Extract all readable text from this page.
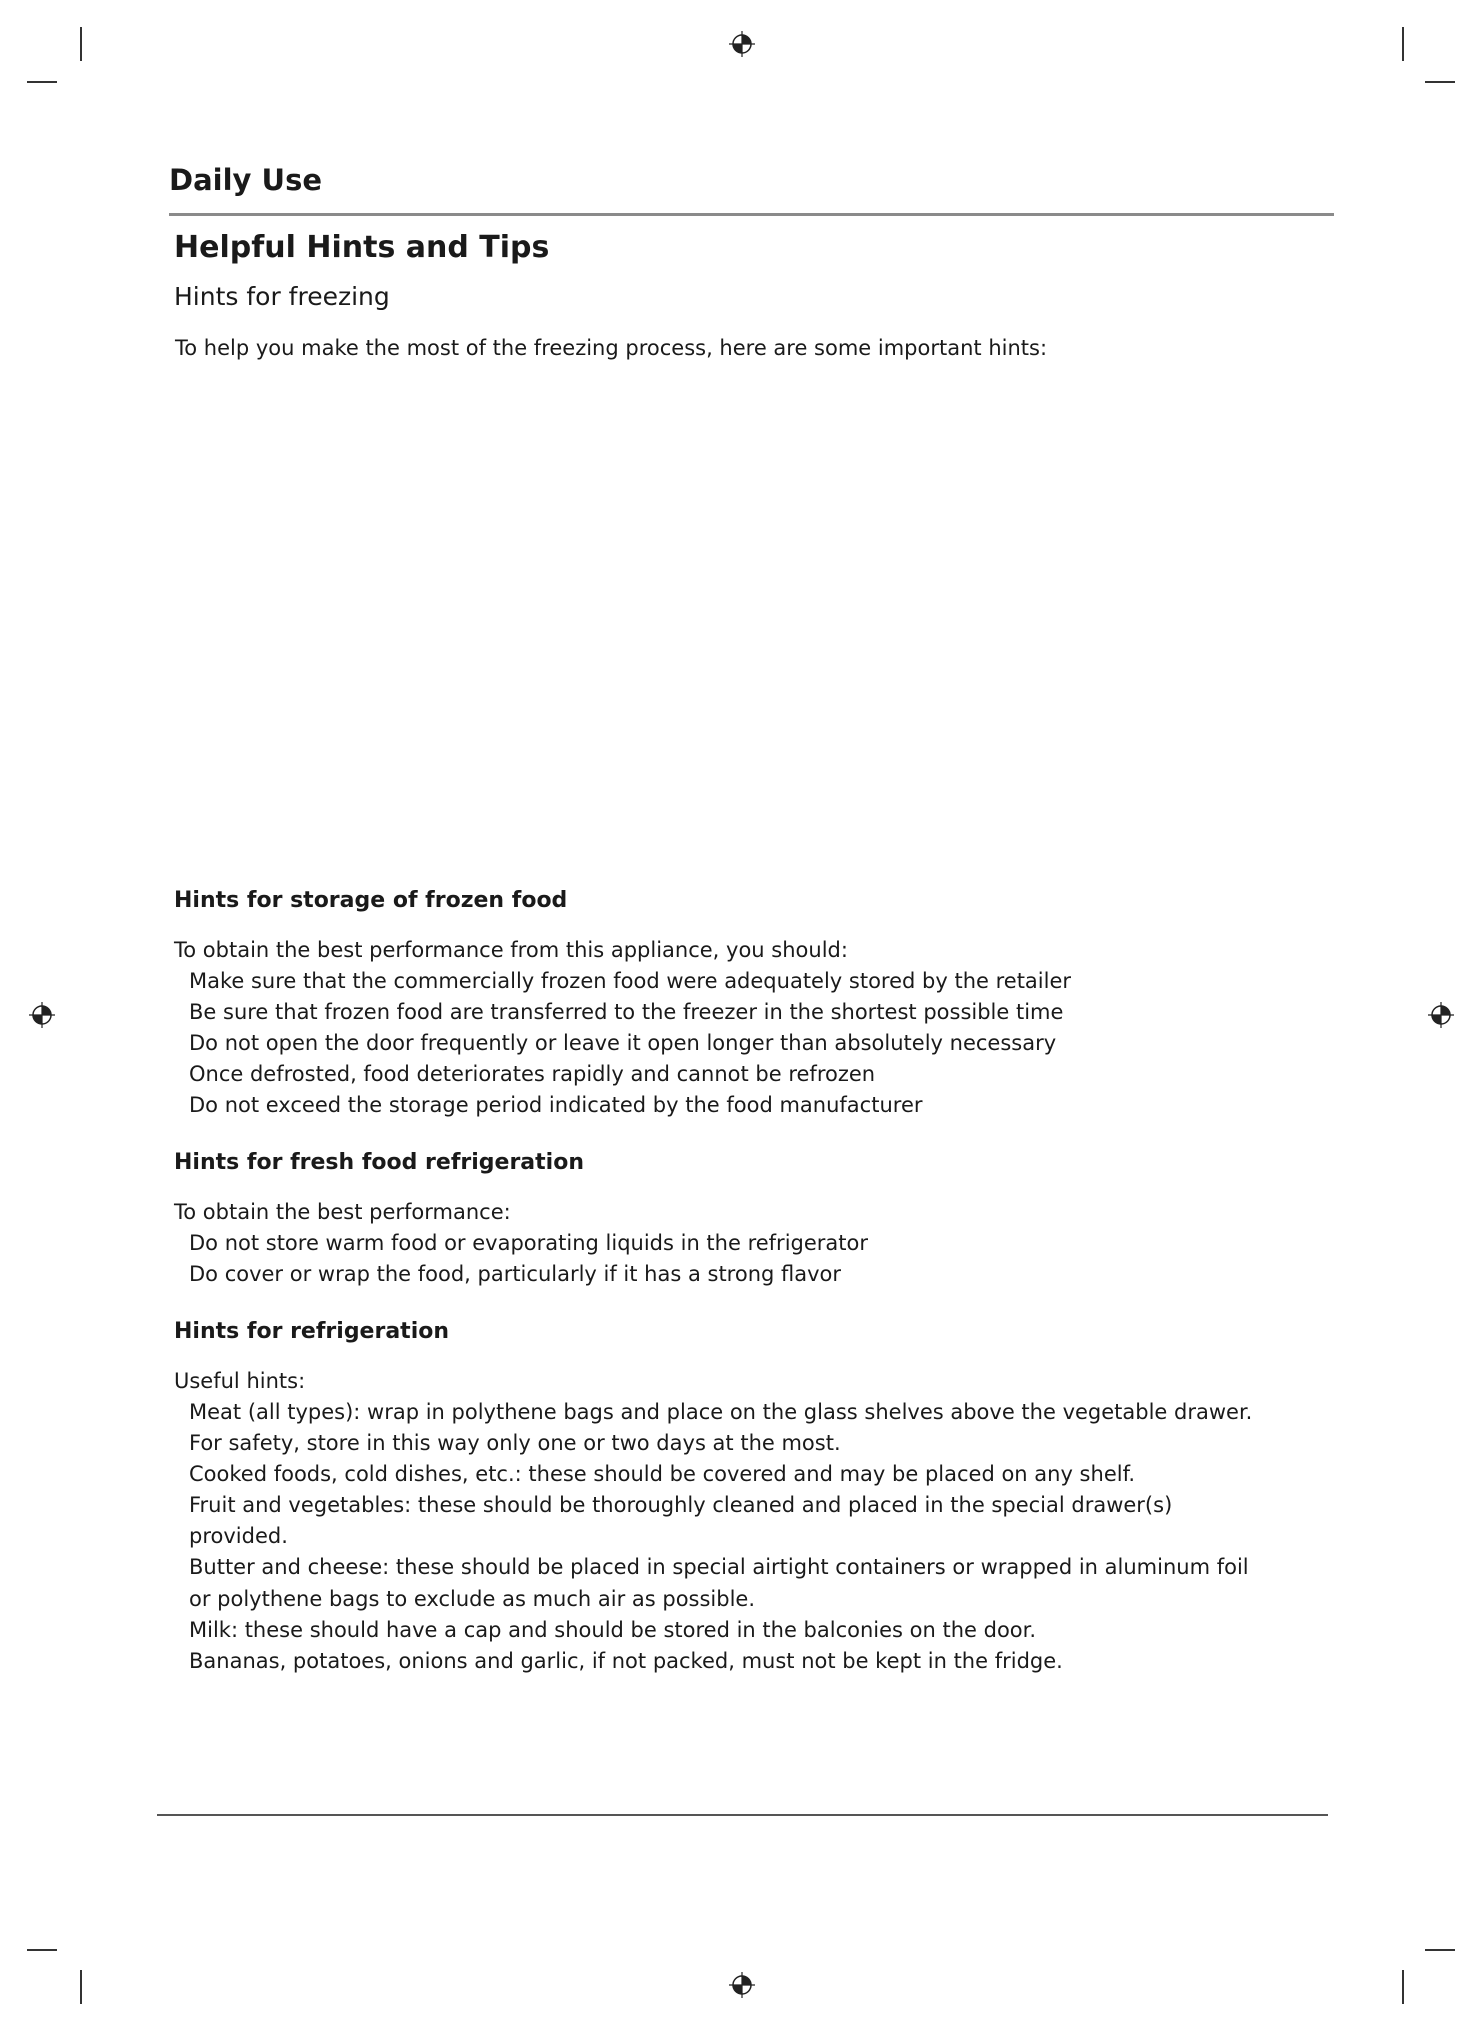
Daily Use
Helpful Hints and Tips
Hints for freezing

To help you make the most of the freezing process, here are some important hints:

Hints for storage of frozen food

To obtain the best performance from this appliance, you should:

Make sure that the commercially frozen food were adequately stored by the retailer
Be sure that frozen food are transferred to the freezer in the shortest possible time
Do not open the door frequently or leave it open longer than absolutely necessary
Once defrosted, food deteriorates rapidly and cannot be refrozen
Do not exceed the storage period indicated by the food manufacturer
Hints for fresh food refrigeration

To obtain the best performance:

Do not store warm food or evaporating liquids in the refrigerator
Do cover or wrap the food, particularly if it has a strong flavor
Hints for refrigeration

Useful hints:

Meat (all types): wrap in polythene bags and place on the glass shelves above the vegetable drawer. For safety, store in this way only one or two days at the most.
Cooked foods, cold dishes, etc.: these should be covered and may be placed on any shelf.
Fruit and vegetables: these should be thoroughly cleaned and placed in the special drawer(s) provided.
Butter and cheese: these should be placed in special airtight containers or wrapped in aluminum foil or polythene bags to exclude as much air as possible.
Milk: these should have a cap and should be stored in the balconies on the door.
Bananas, potatoes, onions and garlic, if not packed, must not be kept in the fridge.
